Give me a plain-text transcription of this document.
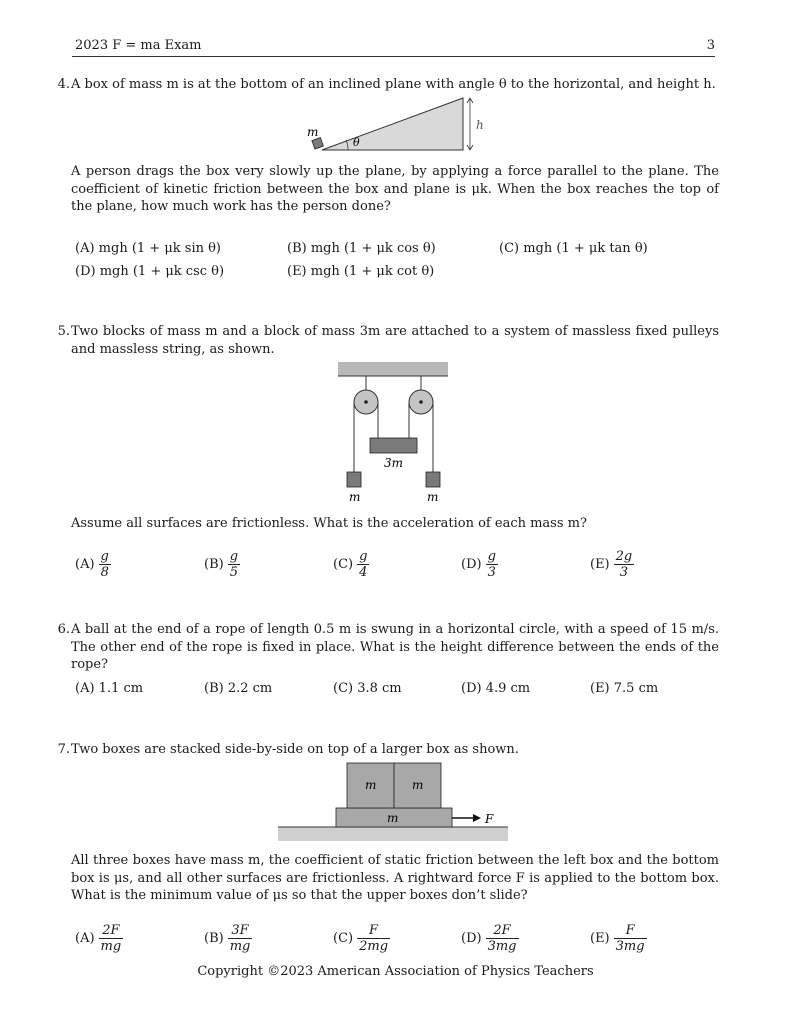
2023 F = ma Exam	3
4. A box of mass m is at the bottom of an inclined plane with angle θ to the horizontal, and height h.
m
θ
h
A person drags the box very slowly up the plane, by applying a force parallel to the plane. The coefficient of kinetic friction between the box and plane is μk. When the box reaches the top of the plane, how much work has the person done?
(A) mgh (1 + μk sin θ)	(B) mgh (1 + μk cos θ)	(C) mgh (1 + μk tan θ)
(D) mgh (1 + μk csc θ)	(E) mgh (1 + μk cot θ)
5. Two blocks of mass m and a block of mass 3m are attached to a system of massless fixed pulleys and massless string, as shown.
3m
m	m
Assume all surfaces are frictionless. What is the acceleration of each mass m?
$(A) \frac{g}{8}$	$(B) \frac{g}{5}$	$(C) \frac{g}{4}$	$(D) \frac{g}{3}$	$(E) \frac{2g}{3}$
6. A ball at the end of a rope of length 0.5 m is swung in a horizontal circle, with a speed of 15 m/s. The other end of the rope is fixed in place. What is the height difference between the ends of the rope?
(A) 1.1 cm	(B) 2.2 cm	(C) 3.8 cm	(D) 4.9 cm	(E) 7.5 cm
7. Two boxes are stacked side-by-side on top of a larger box as shown.
m
m	m
F
All three boxes have mass m, the coefficient of static friction between the left box and the bottom box is μs, and all other surfaces are frictionless. A rightward force F is applied to the bottom box. What is the minimum value of μs so that the upper boxes don’t slide?
$(A) \frac{2F}{mg}$	$(B) \frac{3F}{mg}$	$(C) \frac{F}{2mg}$	$(D) \frac{2F}{3mg}$	$(E) \frac{F}{3mg}$
Copyright ©2023 American Association of Physics Teachers
